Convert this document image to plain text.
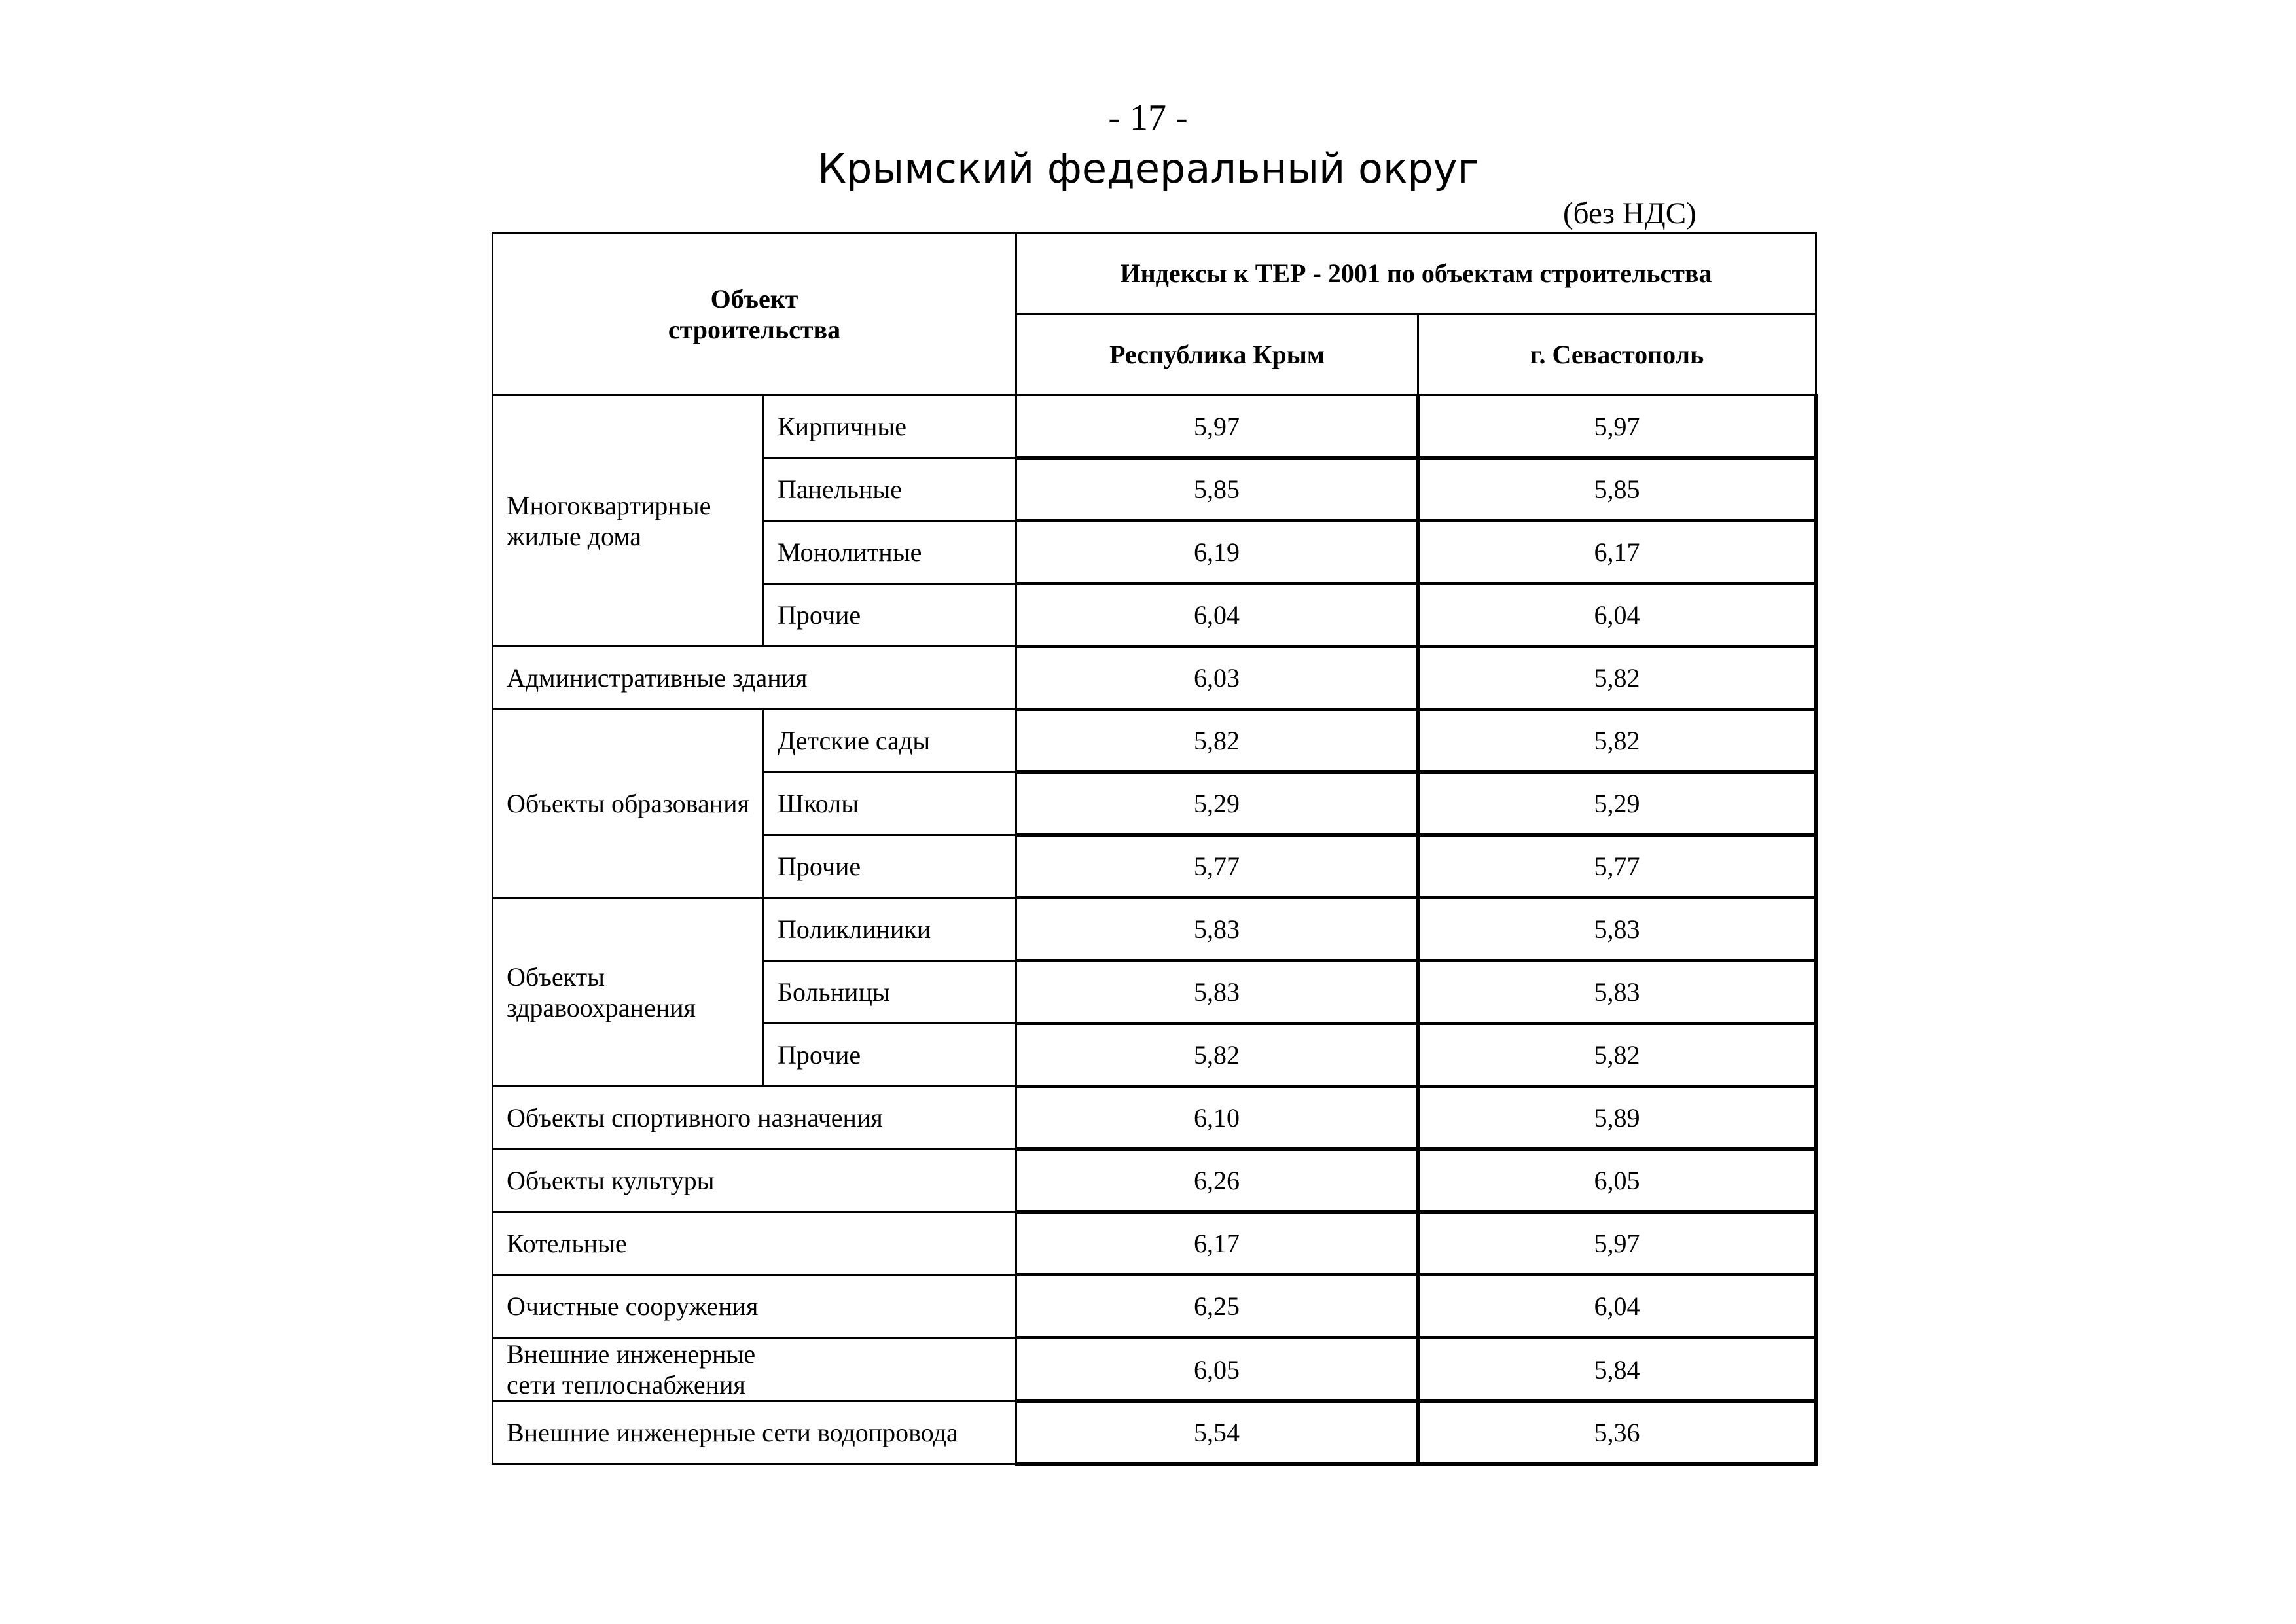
- 17 -
Крымский федеральный округ
(без НДС)
Объект строительства		Индексы к ТЕР - 2001 по объектам строительства	
		Республика Крым	г. Севастополь
Многоквартирные жилые дома	Кирпичные	5,97	5,97
	Панельные	5,85	5,85
	Монолитные	6,19	6,17
	Прочие	6,04	6,04
Административные здания		6,03	5,82
Объекты образования	Детские сады	5,82	5,82
	Школы	5,29	5,29
	Прочие	5,77	5,77
Объекты здравоохранения	Поликлиники	5,83	5,83
	Больницы	5,83	5,83
	Прочие	5,82	5,82
Объекты спортивного назначения		6,10	5,89
Объекты культуры		6,26	6,05
Котельные		6,17	5,97
Очистные сооружения		6,25	6,04
Внешние инженерные сети теплоснабжения		6,05	5,84
Внешние инженерные сети водопровода		5,54	5,36
